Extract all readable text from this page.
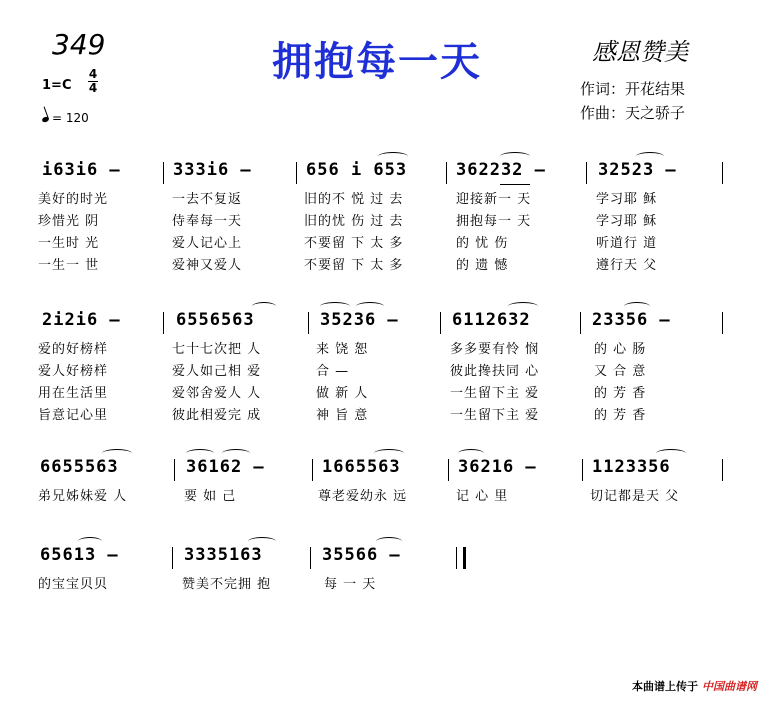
349	拥抱每一天	感恩赞美
1=C
4
4
= 120
作词：开花结果
作曲：天之骄子
i63i6 –	333i6 –	656 i 653	362232 –	32523 –
美好的时光	一去不复返	旧的不 悦 过 去	迎接新一 天	学习耶 稣
珍惜光 阴	侍奉每一天	旧的忧 伤 过 去	拥抱每一 天	学习耶 稣
一生时 光	爱人记心上	不要留 下 太 多	的 忧 伤	听道行 道
一生一 世	爱神又爱人	不要留 下 太 多	的 遗 憾	遵行天 父
2i2i6 –	6556563	35236 –	6112632	23356 –
爱的好榜样	七十七次把 人	来 饶 恕	多多要有怜 悯	的 心 肠
爱人好榜样	爱人如己相 爱	合 —	彼此搀扶同 心	又 合 意
用在生活里	爱邻舍爱人 人	做 新 人	一生留下主 爱	的 芳 香
旨意记心里	彼此相爱完 成	神 旨 意	一生留下主 爱	的 芳 香
6655563	36162 –	1665563	36216 –	1123356
弟兄姊妹爱 人	要 如 己	尊老爱幼永 远	记 心 里	切记都是天 父
65613 –	3335163	35566 –
的宝宝贝贝	赞美不完拥 抱	每 一 天
本曲谱上传于 中国曲谱网
